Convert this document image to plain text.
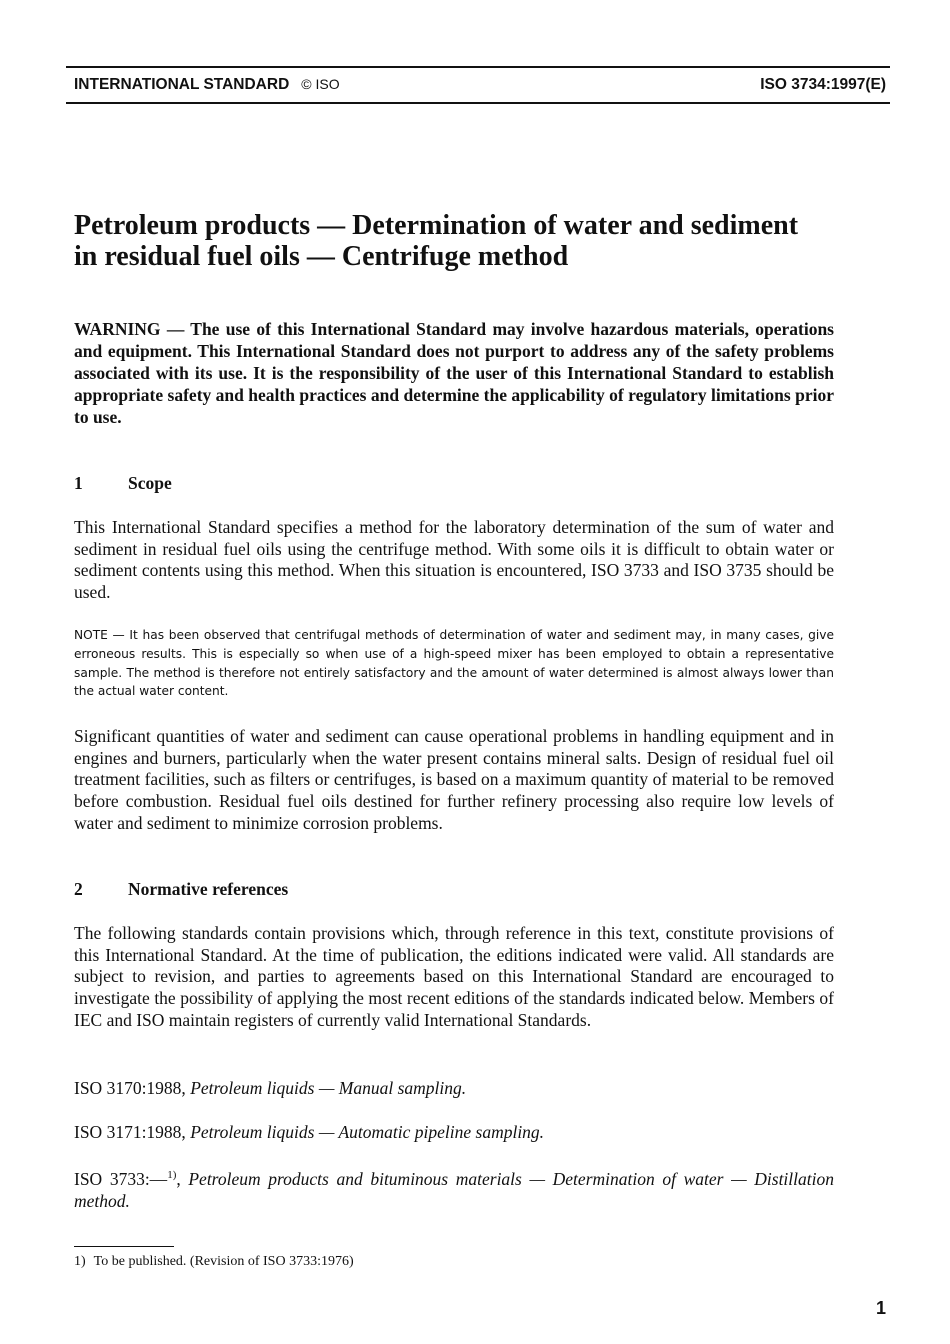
INTERNATIONAL STANDARD © ISO	ISO 3734:1997(E)
Petroleum products — Determination of water and sediment
in residual fuel oils — Centrifuge method

WARNING — The use of this International Standard may involve hazardous materials, operations and equipment. This International Standard does not purport to address any of the safety problems associated with its use. It is the responsibility of the user of this International Standard to establish appropriate safety and health practices and determine the applicability of regulatory limitations prior to use.

1	Scope

This International Standard specifies a method for the laboratory determination of the sum of water and sediment in residual fuel oils using the centrifuge method. With some oils it is difficult to obtain water or sediment contents using this method. When this situation is encountered, ISO 3733 and ISO 3735 should be used.

NOTE — It has been observed that centrifugal methods of determination of water and sediment may, in many cases, give erroneous results. This is especially so when use of a high-speed mixer has been employed to obtain a representative sample. The method is therefore not entirely satisfactory and the amount of water determined is almost always lower than the actual water content.

Significant quantities of water and sediment can cause operational problems in handling equipment and in engines and burners, particularly when the water present contains mineral salts. Design of residual fuel oil treatment facilities, such as filters or centrifuges, is based on a maximum quantity of material to be removed before combustion. Residual fuel oils destined for further refinery processing also require low levels of water and sediment to minimize corrosion problems.

2	Normative references

The following standards contain provisions which, through reference in this text, constitute provisions of this International Standard. At the time of publication, the editions indicated were valid. All standards are subject to revision, and parties to agreements based on this International Standard are encouraged to investigate the possibility of applying the most recent editions of the standards indicated below. Members of IEC and ISO maintain registers of currently valid International Standards.

ISO 3170:1988, Petroleum liquids — Manual sampling.

ISO 3171:1988, Petroleum liquids — Automatic pipeline sampling.

ISO 3733:—$^{1)}$, Petroleum products and bituminous materials — Determination of water — Distillation method.

1) To be published. (Revision of ISO 3733:1976)

1
